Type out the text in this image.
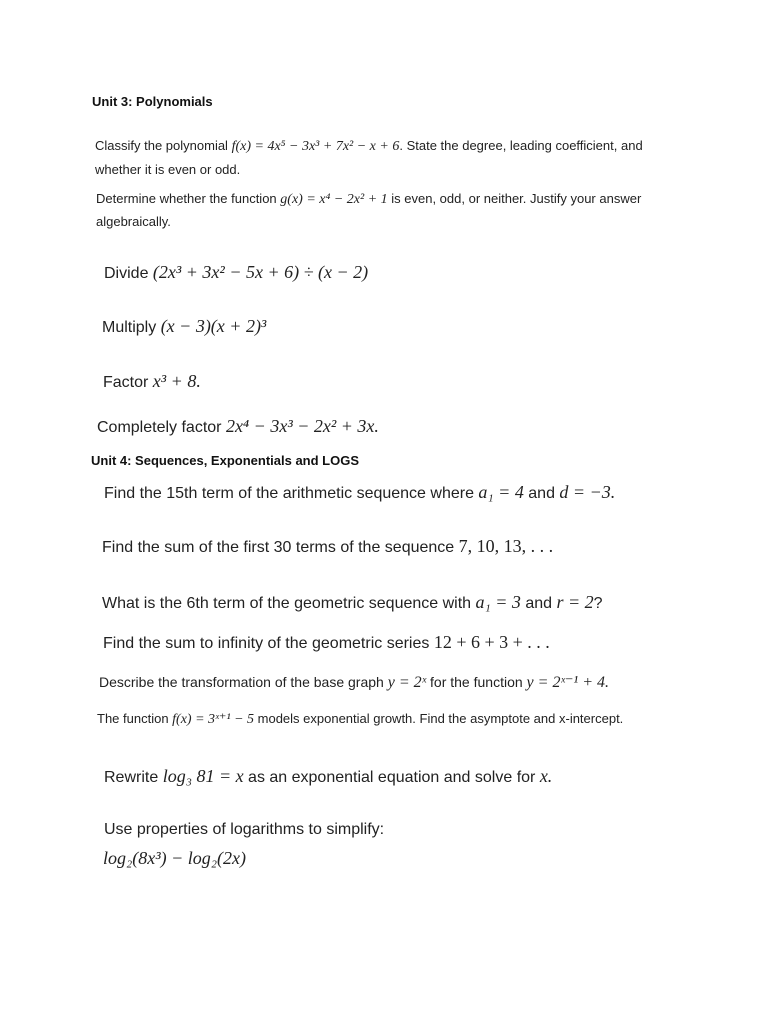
Unit 3: Polynomials
Classify the polynomial f(x) = 4x⁵ − 3x³ + 7x² − x + 6. State the degree, leading coefficient, and
whether it is even or odd.
Determine whether the function g(x) = x⁴ − 2x² + 1 is even, odd, or neither. Justify your answer
algebraically.
Divide (2x³ + 3x² − 5x + 6) ÷ (x − 2)
Multiply (x − 3)(x + 2)³
Factor x³ + 8.
Completely factor 2x⁴ − 3x³ − 2x² + 3x.
Unit 4: Sequences, Exponentials and LOGS
Find the 15th term of the arithmetic sequence where a₁ = 4 and d = −3.
Find the sum of the first 30 terms of the sequence 7, 10, 13, . . .
What is the 6th term of the geometric sequence with a₁ = 3 and r = 2?
Find the sum to infinity of the geometric series 12 + 6 + 3 + . . .
Describe the transformation of the base graph y = 2ˣ for the function y = 2ˣ⁻¹ + 4.
The function f(x) = 3ˣ⁺¹ − 5 models exponential growth. Find the asymptote and x-intercept.
Rewrite log₃ 81 = x as an exponential equation and solve for x.
Use properties of logarithms to simplify:
log₂(8x³) − log₂(2x)
